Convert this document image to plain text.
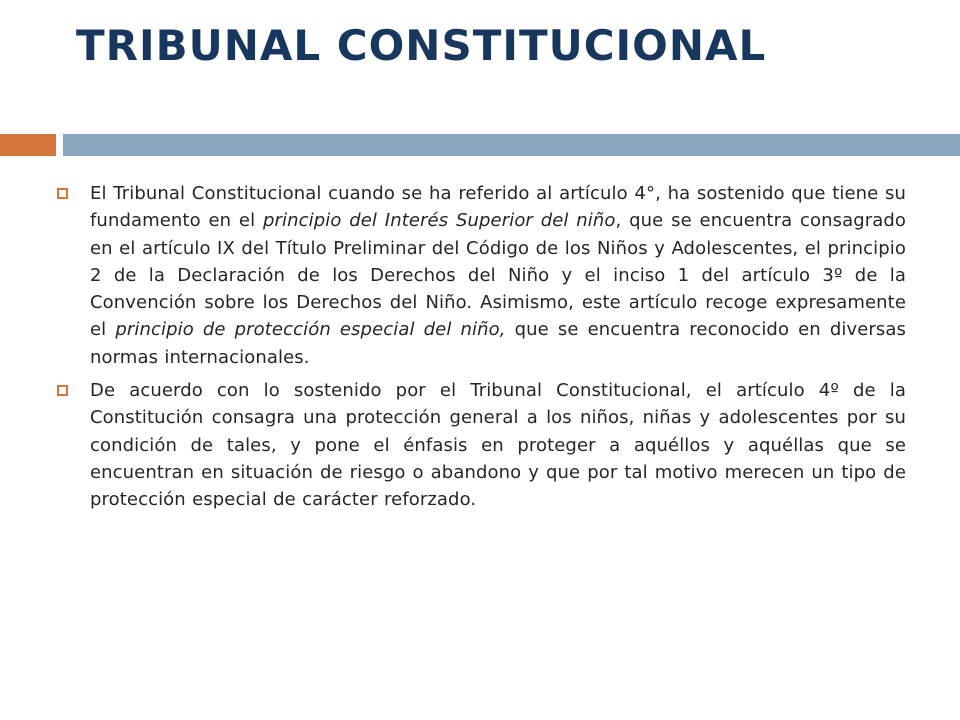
TRIBUNAL CONSTITUCIONAL
El Tribunal Constitucional cuando se ha referido al artículo 4°, ha sostenido que tiene su fundamento en el principio del Interés Superior del niño, que se encuentra consagrado en el artículo IX del Título Preliminar del Código de los Niños y Adolescentes, el principio 2 de la Declaración de los Derechos del Niño y el inciso 1 del artículo 3º de la Convención sobre los Derechos del Niño. Asimismo, este artículo recoge expresamente el principio de protección especial del niño, que se encuentra reconocido en diversas normas internacionales.
De acuerdo con lo sostenido por el Tribunal Constitucional, el artículo 4º de la Constitución consagra una protección general a los niños, niñas y adolescentes por su condición de tales, y pone el énfasis en proteger a aquéllos y aquéllas que se encuentran en situación de riesgo o abandono y que por tal motivo merecen un tipo de protección especial de carácter reforzado.
